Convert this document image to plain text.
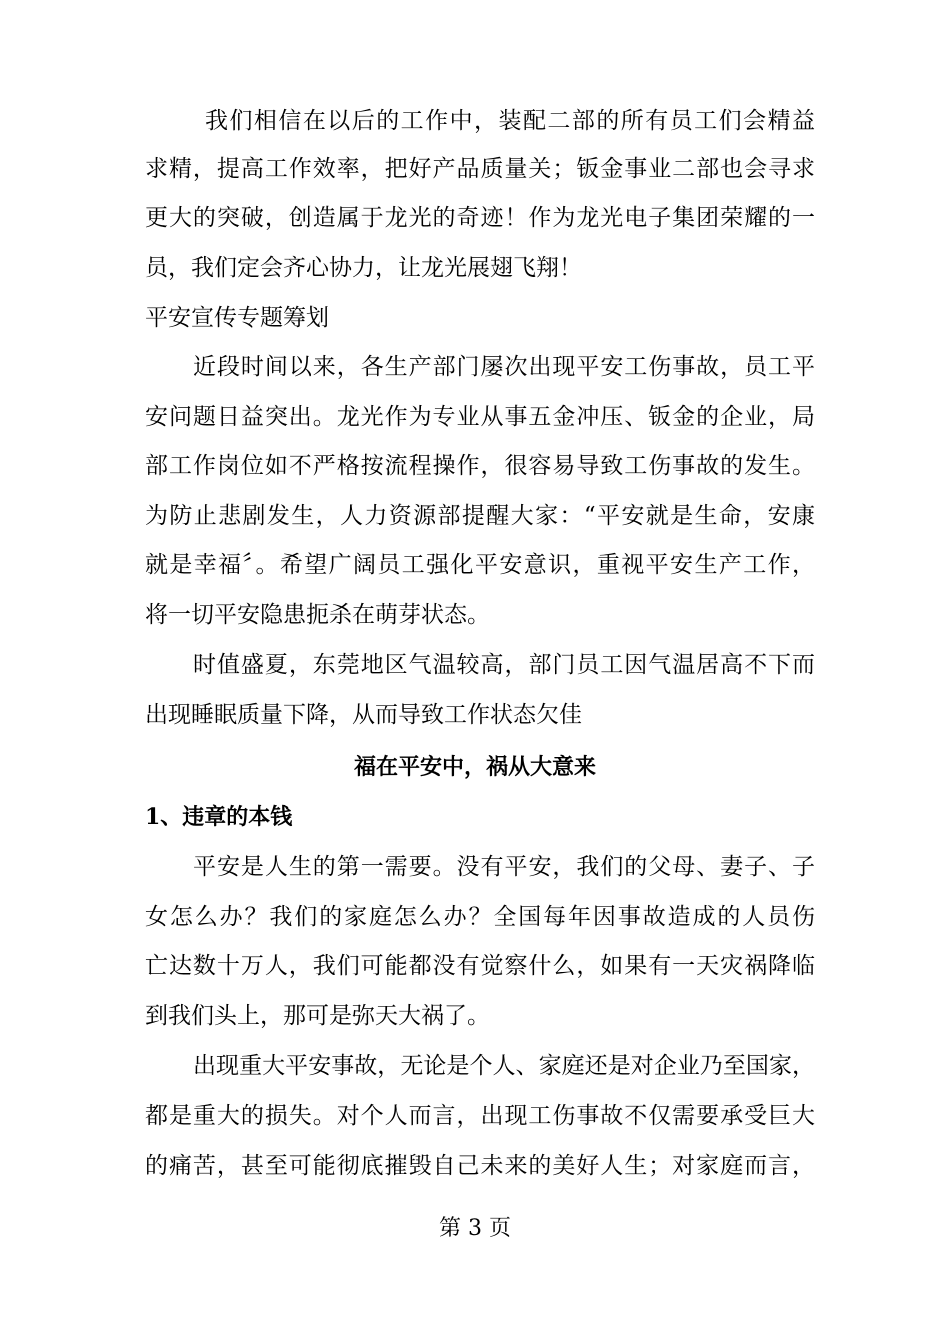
我们相信在以后的工作中，装配二部的所有员工们会精益
求精，提高工作效率，把好产品质量关；钣金事业二部也会寻求
更大的突破，创造属于龙光的奇迹！作为龙光电子集团荣耀的一
员，我们定会齐心协力，让龙光展翅飞翔！
平安宣传专题筹划
近段时间以来，各生产部门屡次出现平安工伤事故，员工平
安问题日益突出。龙光作为专业从事五金冲压、钣金的企业，局
部工作岗位如不严格按流程操作，很容易导致工伤事故的发生。
为防止悲剧发生，人力资源部提醒大家：“平安就是生命，安康
就是幸福〞。希望广阔员工强化平安意识，重视平安生产工作，
将一切平安隐患扼杀在萌芽状态。
时值盛夏，东莞地区气温较高，部门员工因气温居高不下而
出现睡眠质量下降，从而导致工作状态欠佳
福在平安中，祸从大意来
1、违章的本钱
平安是人生的第一需要。没有平安，我们的父母、妻子、子
女怎么办？我们的家庭怎么办？全国每年因事故造成的人员伤
亡达数十万人，我们可能都没有觉察什么，如果有一天灾祸降临
到我们头上，那可是弥天大祸了。
出现重大平安事故，无论是个人、家庭还是对企业乃至国家，
都是重大的损失。对个人而言，出现工伤事故不仅需要承受巨大
的痛苦，甚至可能彻底摧毁自己未来的美好人生；对家庭而言，
第 3 页
